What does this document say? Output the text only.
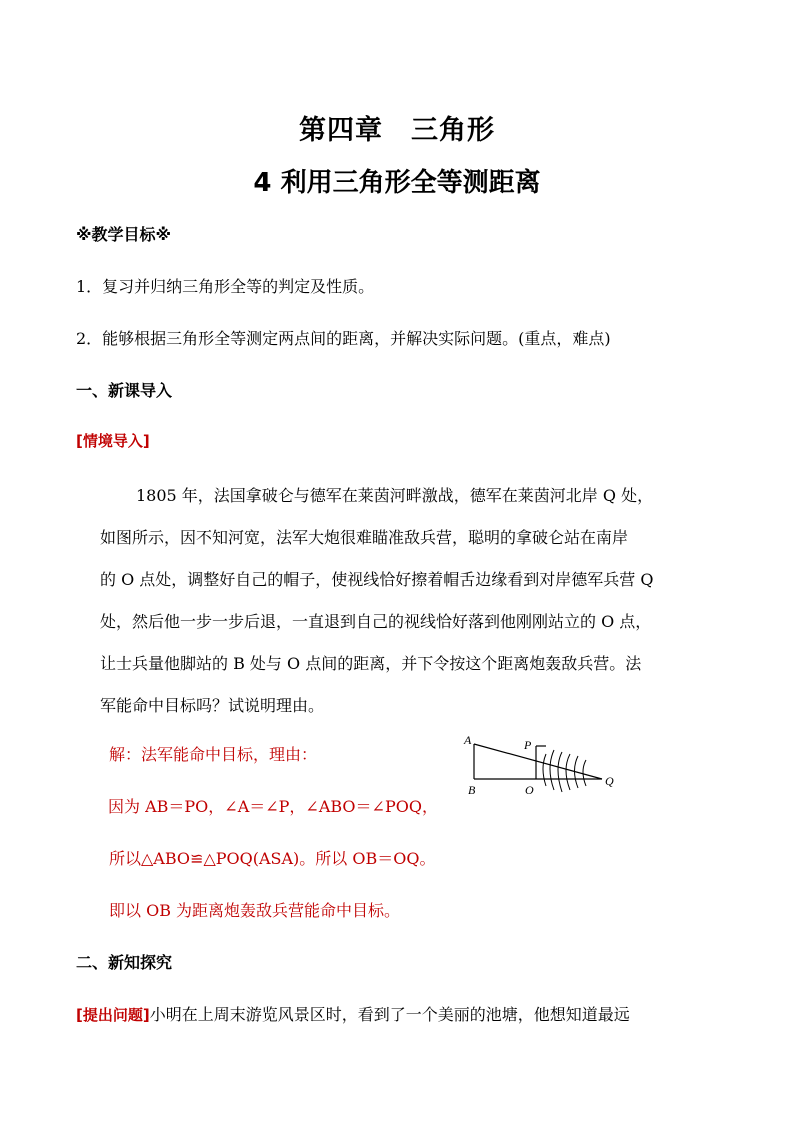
第四章　三角形
4 利用三角形全等测距离
※教学目标※
1．复习并归纳三角形全等的判定及性质。
2．能够根据三角形全等测定两点间的距离，并解决实际问题。(重点，难点)
一、新课导入
[情境导入]
1805 年，法国拿破仑与德军在莱茵河畔激战，德军在莱茵河北岸 Q 处，
如图所示，因不知河宽，法军大炮很难瞄准敌兵营，聪明的拿破仑站在南岸
的 O 点处，调整好自己的帽子，使视线恰好擦着帽舌边缘看到对岸德军兵营 Q
处，然后他一步一步后退，一直退到自己的视线恰好落到他刚刚站立的 O 点，
让士兵量他脚站的 B 处与 O 点间的距离，并下令按这个距离炮轰敌兵营。法
军能命中目标吗？试说明理由。
解：法军能命中目标，理由：
因为 AB＝PO，∠A＝∠P，∠ABO＝∠POQ，
所以△ABO≌△POQ(ASA)。所以 OB＝OQ。
即以 OB 为距离炮轰敌兵营能命中目标。
A
B	O
P
Q
二、新知探究
[提出问题]小明在上周末游览风景区时，看到了一个美丽的池塘，他想知道最远
